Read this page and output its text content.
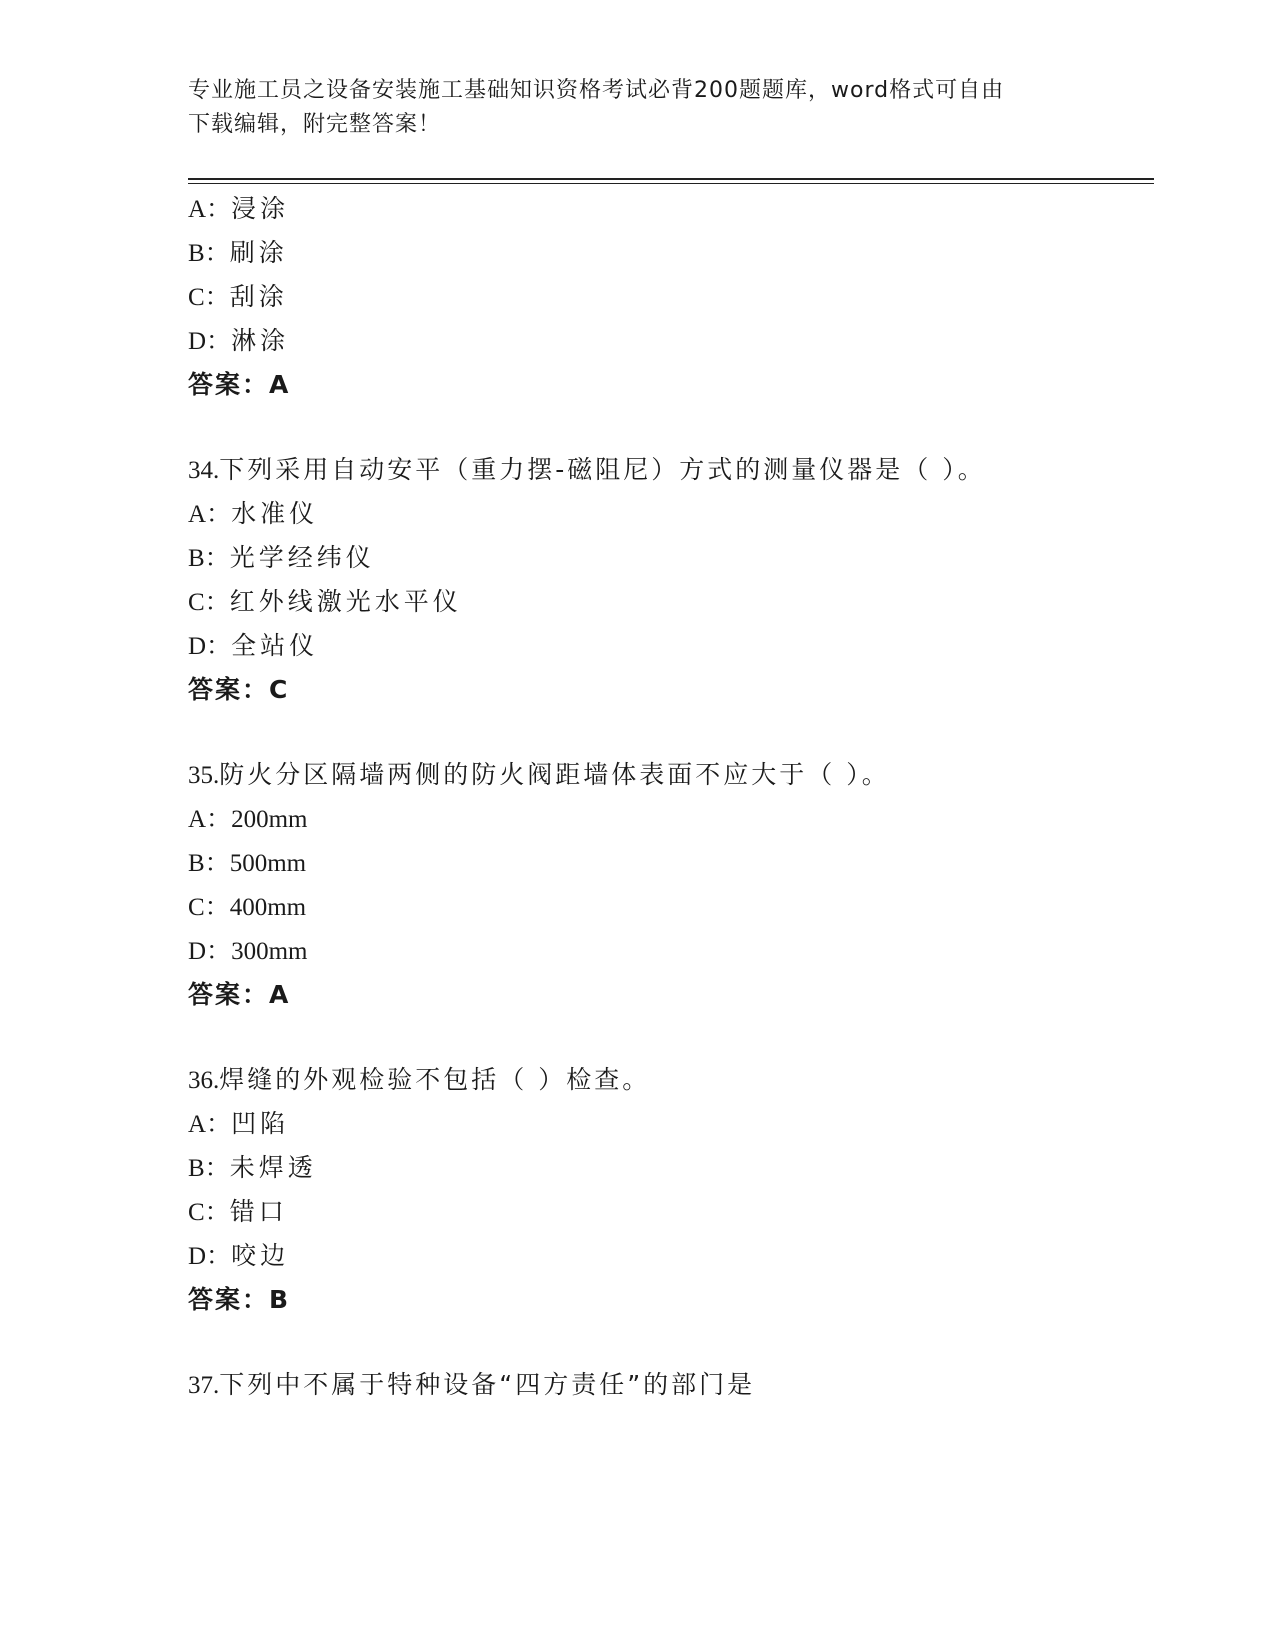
专业施工员之设备安装施工基础知识资格考试必背200题题库，word格式可自由
下载编辑，附完整答案！
A：浸涂
B：刷涂
C：刮涂
D：淋涂
答案：A
34.下列采用自动安平（重力摆-磁阻尼）方式的测量仪器是（ ）。
A：水准仪
B：光学经纬仪
C：红外线激光水平仪
D：全站仪
答案：C
35.防火分区隔墙两侧的防火阀距墙体表面不应大于（ ）。
A：200mm
B：500mm
C：400mm
D：300mm
答案：A
36.焊缝的外观检验不包括（ ）检查。
A：凹陷
B：未焊透
C：错口
D：咬边
答案：B
37.下列中不属于特种设备“四方责任”的部门是
